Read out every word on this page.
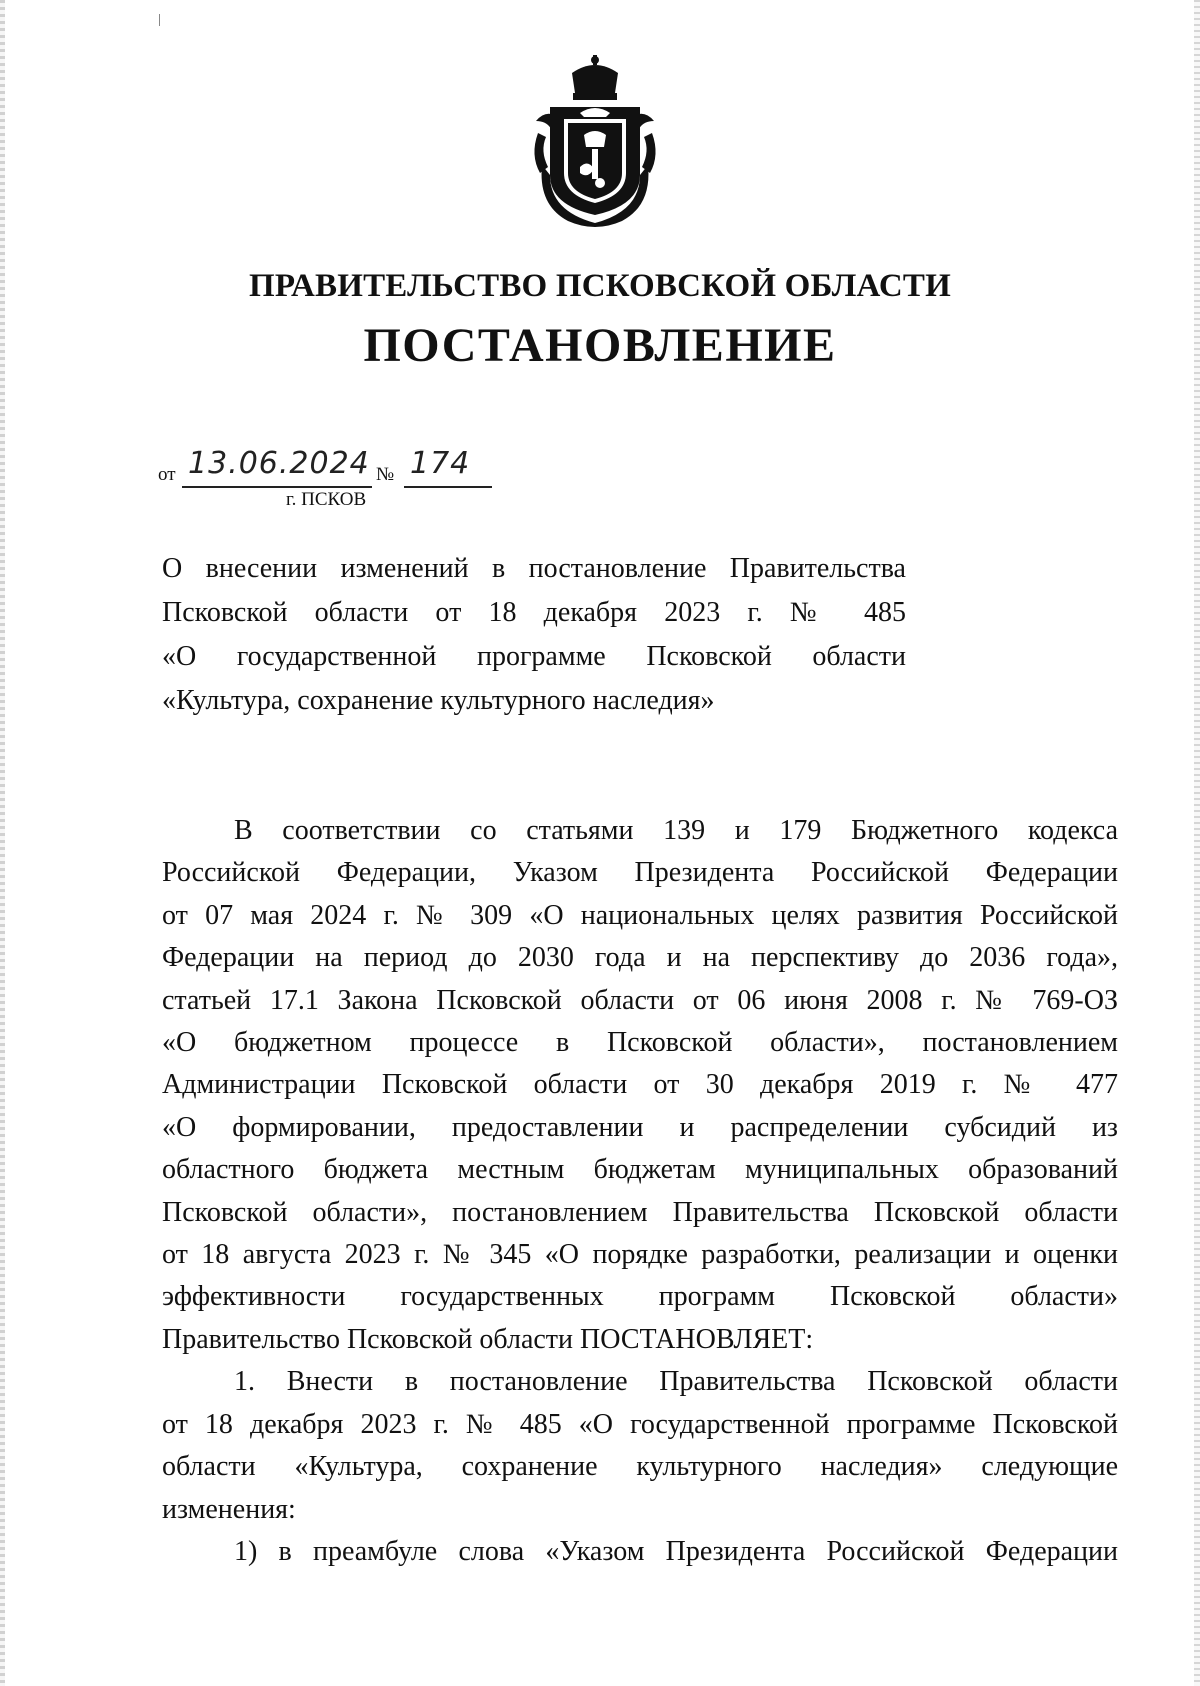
ПРАВИТЕЛЬСТВО ПСКОВСКОЙ ОБЛАСТИ
ПОСТАНОВЛЕНИЕ
от 13.06.2024 № 174
г. ПСКОВ
О внесении изменений в постановление Правительства
Псковской области от 18 декабря 2023 г. № 485
«О государственной программе Псковской области
«Культура, сохранение культурного наследия»
В соответствии со статьями 139 и 179 Бюджетного кодекса
Российской Федерации, Указом Президента Российской Федерации
от 07 мая 2024 г. № 309 «О национальных целях развития Российской
Федерации на период до 2030 года и на перспективу до 2036 года»,
статьей 17.1 Закона Псковской области от 06 июня 2008 г. № 769-ОЗ
«О бюджетном процессе в Псковской области», постановлением
Администрации Псковской области от 30 декабря 2019 г. № 477
«О формировании, предоставлении и распределении субсидий из
областного бюджета местным бюджетам муниципальных образований
Псковской области», постановлением Правительства Псковской области
от 18 августа 2023 г. № 345 «О порядке разработки, реализации и оценки
эффективности государственных программ Псковской области»
Правительство Псковской области ПОСТАНОВЛЯЕТ:
1. Внести в постановление Правительства Псковской области
от 18 декабря 2023 г. № 485 «О государственной программе Псковской
области «Культура, сохранение культурного наследия» следующие
изменения:
1) в преамбуле слова «Указом Президента Российской Федерации
